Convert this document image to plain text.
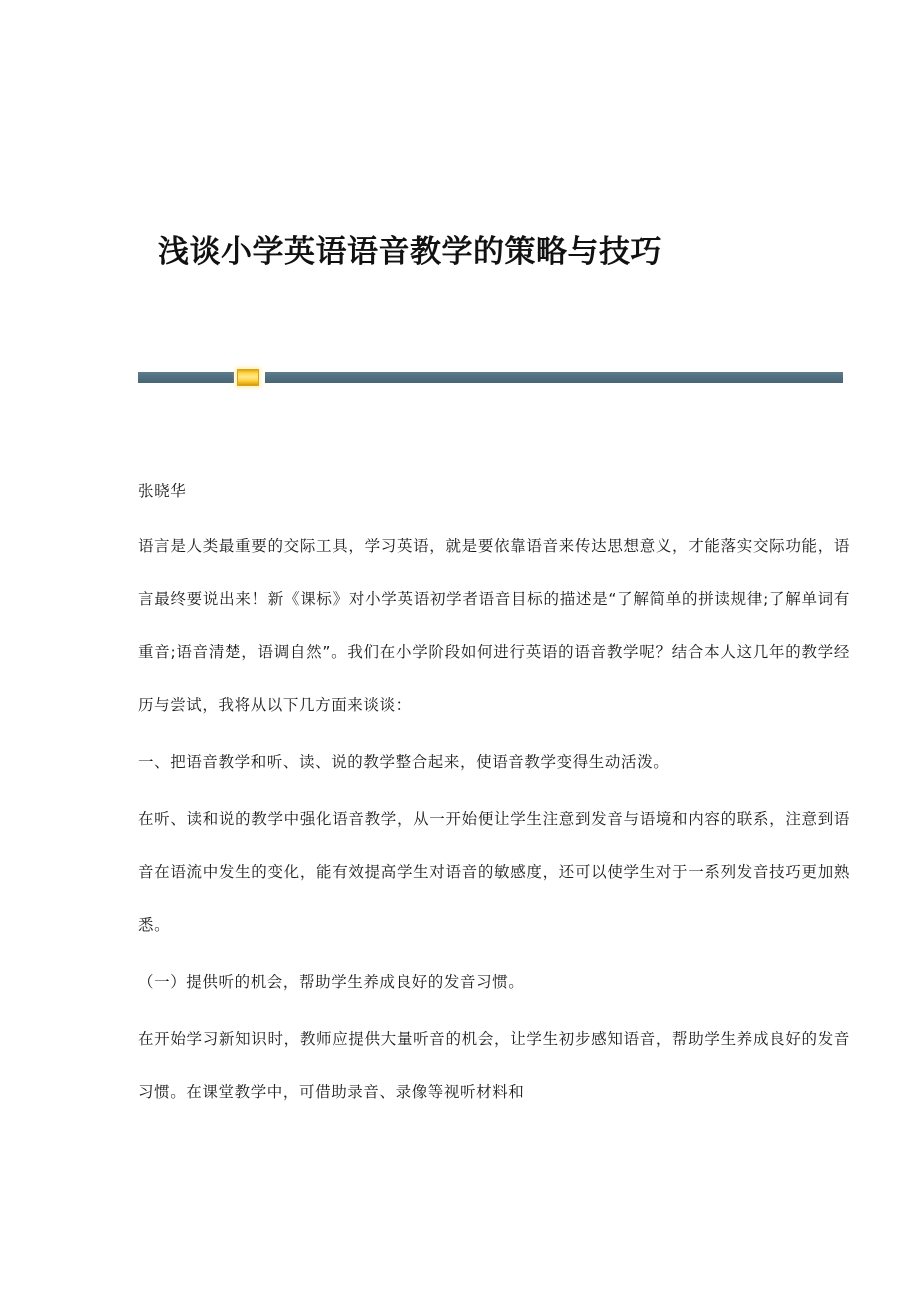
浅谈小学英语语音教学的策略与技巧

张晓华

语言是人类最重要的交际工具，学习英语，就是要依靠语音来传达思想意义，才能落实交际功能，语言最终要说出来！新《课标》对小学英语初学者语音目标的描述是“了解简单的拼读规律;了解单词有重音;语音清楚，语调自然”。我们在小学阶段如何进行英语的语音教学呢？结合本人这几年的教学经历与尝试，我将从以下几方面来谈谈：

一、把语音教学和听、读、说的教学整合起来，使语音教学变得生动活泼。

在听、读和说的教学中强化语音教学，从一开始便让学生注意到发音与语境和内容的联系，注意到语音在语流中发生的变化，能有效提高学生对语音的敏感度，还可以使学生对于一系列发音技巧更加熟悉。

（一）提供听的机会，帮助学生养成良好的发音习惯。

在开始学习新知识时，教师应提供大量听音的机会，让学生初步感知语音，帮助学生养成良好的发音习惯。在课堂教学中，可借助录音、录像等视听材料和
